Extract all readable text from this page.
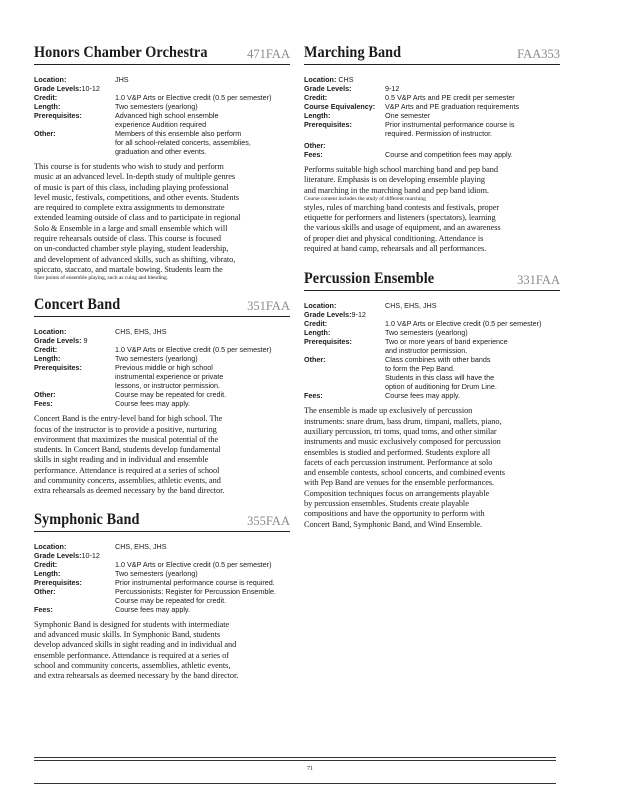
Honors Chamber Orchestra	471FAA
Location:	JHS
Grade Levels:10-12
Credit:	1.0 V&P Arts or Elective credit (0.5 per semester)
Length:	Two semesters (yearlong)
Prerequisites:	Advanced high school ensemble
experience Audition required
Other:	Members of this ensemble also perform
for all school-related concerts, assemblies,
graduation and other events.
This course is for students who wish to study and perform
music at an advanced level. In-depth study of multiple genres
of music is part of this class, including playing professional
level music, festivals, competitions, and other events. Students
are required to complete extra assignments to demonstrate
extended learning outside of class and to participate in regional
Solo & Ensemble in a large and small ensemble which will
require rehearsals outside of class. This course is focused
on un-conducted chamber style playing, student leadership,
and development of advanced skills, such as shifting, vibrato,
spiccato, staccato, and martale bowing. Students learn the
finer points of ensemble playing, such as cuing and blending.
Concert Band	351FAA
Location:	CHS, EHS, JHS
Grade Levels: 9
Credit:	1.0 V&P Arts or Elective credit (0.5 per semester)
Length:	Two semesters (yearlong)
Prerequisites:	Previous middle or high school
instrumental experience or private
lessons, or instructor permission.
Other:	Course may be repeated for credit.
Fees:	Course fees may apply.
Concert Band is the entry-level band for high school. The
focus of the instructor is to provide a positive, nurturing
environment that maximizes the musical potential of the
students. In Concert Band, students develop fundamental
skills in sight reading and in individual and ensemble
performance. Attendance is required at a series of school
and community concerts, assemblies, athletic events, and
extra rehearsals as deemed necessary by the band director.
Symphonic Band	355FAA
Location:	CHS, EHS, JHS
Grade Levels:10-12
Credit:	1.0 V&P Arts or Elective credit (0.5 per semester)
Length:	Two semesters (yearlong)
Prerequisites:	Prior instrumental performance course is required.
Other:	Percussionists: Register for Percussion Ensemble.
Course may be repeated for credit.
Fees:	Course fees may apply.
Symphonic Band is designed for students with intermediate
and advanced music skills. In Symphonic Band, students
develop advanced skills in sight reading and in individual and
ensemble performance. Attendance is required at a series of
school and community concerts, assemblies, athletic events,
and extra rehearsals as deemed necessary by the band director.
Marching Band	FAA353
Location: CHS
Grade Levels:	9-12
Credit:	0.5 V&P Arts and PE credit per semester
Course Equivalency:	V&P Arts and PE graduation requirements
Length:	One semester
Prerequisites:	Prior instrumental performance course is
required. Permission of instructor.
Other:
Fees:	Course and competition fees may apply.
Performs suitable high school marching band and pep band
literature. Emphasis is on developing ensemble playing
and marching in the marching band and pep band idiom.
Course content includes the study of different marching
styles, rules of marching band contests and festivals, proper
etiquette for performers and listeners (spectators), learning
the various skills and usage of equipment, and an awareness
of proper diet and physical conditioning. Attendance is
required at band camp, rehearsals and all performances.
Percussion Ensemble	331FAA
Location:	CHS, EHS, JHS
Grade Levels:9-12
Credit:	1.0 V&P Arts or Elective credit (0.5 per semester)
Length:	Two semesters (yearlong)
Prerequisites:	Two or more years of band experience
and instructor permission.
Other:	Class combines with other bands
to form the Pep Band.
Students in this class will have the
option of auditioning for Drum Line.
Fees:	Course fees may apply.
The ensemble is made up exclusively of percussion
instruments: snare drum, bass drum, timpani, mallets, piano,
auxiliary percussion, tri toms, quad toms, and other similar
instruments and music exclusively composed for percussion
ensembles is studied and performed. Students explore all
facets of each percussion instrument. Performance at solo
and ensemble contests, school concerts, and combined events
with Pep Band are venues for the ensemble performances.
Composition techniques focus on arrangements playable
by percussion ensembles. Students create playable
compositions and have the opportunity to perform with
Concert Band, Symphonic Band, and Wind Ensemble.
71
